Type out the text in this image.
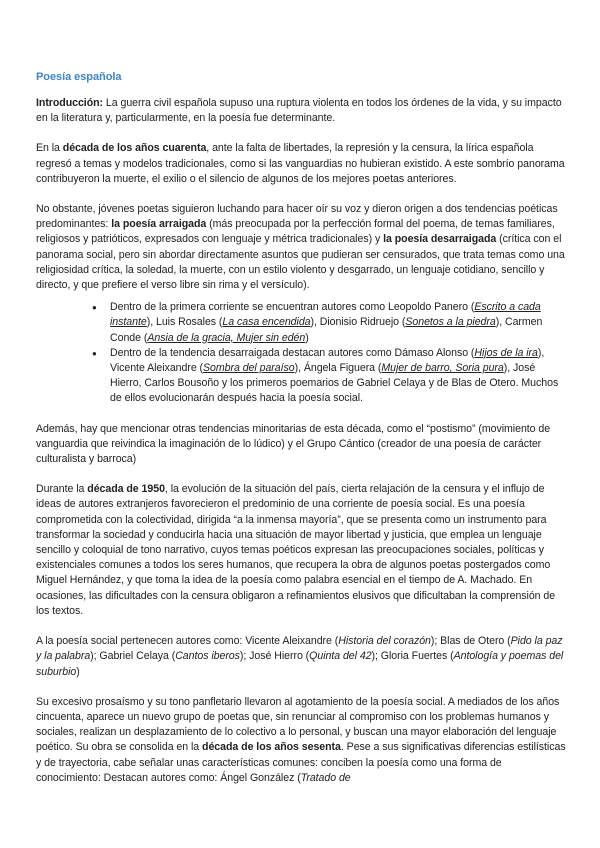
Poesía española

Introducción: La guerra civil española supuso una ruptura violenta en todos los órdenes de la vida, y su impacto en la literatura y, particularmente, en la poesía fue determinante.

En la década de los años cuarenta, ante la falta de libertades, la represión y la censura, la lírica española regresó a temas y modelos tradicionales, como si las vanguardias no hubieran existido. A este sombrío panorama contribuyeron la muerte, el exilio o el silencio de algunos de los mejores poetas anteriores.

No obstante, jóvenes poetas siguieron luchando para hacer oír su voz y dieron origen a dos tendencias poéticas predominantes: la poesía arraigada (más preocupada por la perfección formal del poema, de temas familiares, religiosos y patrióticos, expresados con lenguaje y métrica tradicionales) y la poesía desarraigada (crítica con el panorama social, pero sin abordar directamente asuntos que pudieran ser censurados, que trata temas como una religiosidad crítica, la soledad, la muerte, con un estilo violento y desgarrado, un lenguaje cotidiano, sencillo y directo, y que prefiere el verso libre sin rima y el versículo).

● Dentro de la primera corriente se encuentran autores como Leopoldo Panero (Escrito a cada instante), Luis Rosales (La casa encendida), Dionisio Ridruejo (Sonetos a la piedra), Carmen Conde (Ansia de la gracia, Mujer sin edén)
● Dentro de la tendencia desarraigada destacan autores como Dámaso Alonso (Hijos de la ira), Vicente Aleixandre (Sombra del paraíso), Ángela Figuera (Mujer de barro, Soria pura), José Hierro, Carlos Bousoño y los primeros poemarios de Gabriel Celaya y de Blas de Otero. Muchos de ellos evolucionarán después hacia la poesía social.

Además, hay que mencionar otras tendencias minoritarias de esta década, como el “postismo” (movimiento de vanguardia que reivindica la imaginación de lo lúdico) y el Grupo Cántico (creador de una poesía de carácter culturalista y barroca)

Durante la década de 1950, la evolución de la situación del país, cierta relajación de la censura y el influjo de ideas de autores extranjeros favorecieron el predominio de una corriente de poesía social. Es una poesía comprometida con la colectividad, dirigida “a la inmensa mayoría”, que se presenta como un instrumento para transformar la sociedad y conducirla hacia una situación de mayor libertad y justicia, que emplea un lenguaje sencillo y coloquial de tono narrativo, cuyos temas poéticos expresan las preocupaciones sociales, políticas y existenciales comunes a todos los seres humanos, que recupera la obra de algunos poetas postergados como Miguel Hernández, y que toma la idea de la poesía como palabra esencial en el tiempo de A. Machado. En ocasiones, las dificultades con la censura obligaron a refinamientos elusivos que dificultaban la comprensión de los textos.

A la poesía social pertenecen autores como: Vicente Aleixandre (Historia del corazón); Blas de Otero (Pido la paz y la palabra); Gabriel Celaya (Cantos iberos); José Hierro (Quinta del 42); Gloria Fuertes (Antología y poemas del suburbio)

Su excesivo prosaísmo y su tono panfletario llevaron al agotamiento de la poesía social. A mediados de los años cincuenta, aparece un nuevo grupo de poetas que, sin renunciar al compromiso con los problemas humanos y sociales, realizan un desplazamiento de lo colectivo a lo personal, y buscan una mayor elaboración del lenguaje poético. Su obra se consolida en la década de los años sesenta. Pese a sus significativas diferencias estilísticas y de trayectoria, cabe señalar unas características comunes: conciben la poesía como una forma de conocimiento: Destacan autores como: Ángel González (Tratado de
